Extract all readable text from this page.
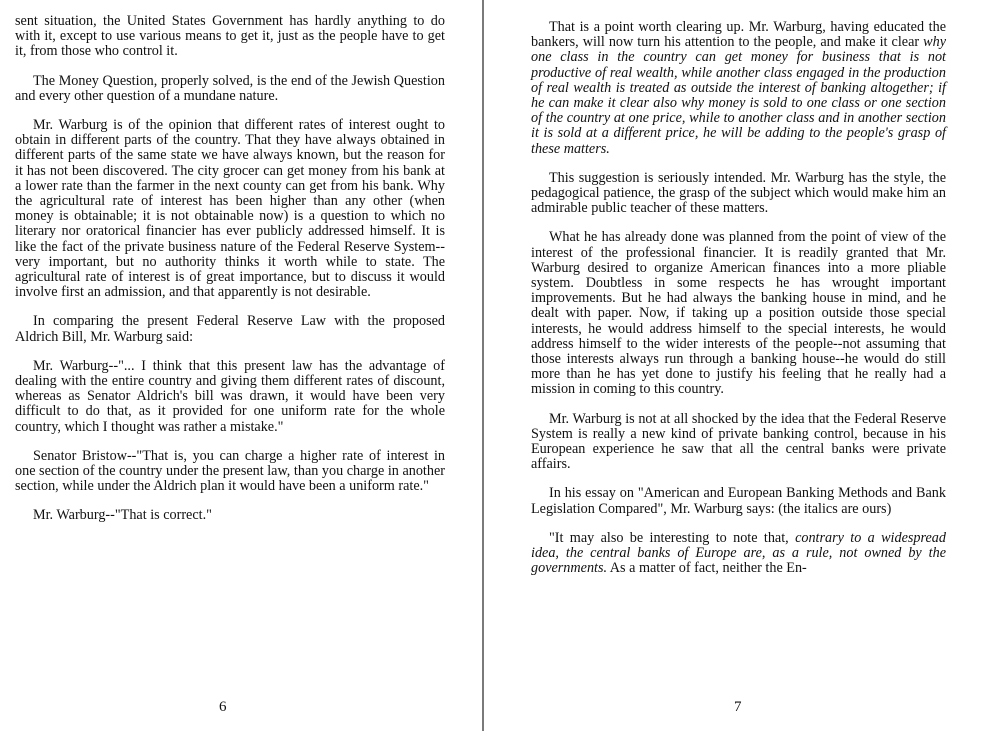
sent situation, the United States Government has hardly anything to do with it, except to use various means to get it, just as the people have to get it, from those who control it.

The Money Question, properly solved, is the end of the Jewish Question and every other question of a mundane nature.

Mr. Warburg is of the opinion that different rates of interest ought to obtain in different parts of the country. That they have always obtained in different parts of the same state we have always known, but the reason for it has not been discovered. The city grocer can get money from his bank at a lower rate than the farmer in the next county can get from his bank. Why the agricultural rate of interest has been higher than any other (when money is obtainable; it is not obtainable now) is a question to which no literary nor oratorical financier has ever publicly addressed himself. It is like the fact of the private business nature of the Federal Reserve System--very important, but no authority thinks it worth while to state. The agricultural rate of interest is of great importance, but to discuss it would involve first an admission, and that apparently is not desirable.

In comparing the present Federal Reserve Law with the proposed Aldrich Bill, Mr. Warburg said:

Mr. Warburg--"... I think that this present law has the advantage of dealing with the entire country and giving them different rates of discount, whereas as Senator Aldrich's bill was drawn, it would have been very difficult to do that, as it provided for one uniform rate for the whole country, which I thought was rather a mistake."

Senator Bristow--"That is, you can charge a higher rate of interest in one section of the country under the present law, than you charge in another section, while under the Aldrich plan it would have been a uniform rate."

Mr. Warburg--"That is correct."

6

That is a point worth clearing up. Mr. Warburg, having educated the bankers, will now turn his attention to the people, and make it clear why one class in the country can get money for business that is not productive of real wealth, while another class engaged in the production of real wealth is treated as outside the interest of banking altogether; if he can make it clear also why money is sold to one class or one section of the country at one price, while to another class and in another section it is sold at a different price, he will be adding to the people's grasp of these matters.

This suggestion is seriously intended. Mr. Warburg has the style, the pedagogical patience, the grasp of the subject which would make him an admirable public teacher of these matters.

What he has already done was planned from the point of view of the interest of the professional financier. It is readily granted that Mr. Warburg desired to organize American finances into a more pliable system. Doubtless in some respects he has wrought important improvements. But he had always the banking house in mind, and he dealt with paper. Now, if taking up a position outside those special interests, he would address himself to the special interests, he would address himself to the wider interests of the people--not assuming that those interests always run through a banking house--he would do still more than he has yet done to justify his feeling that he really had a mission in coming to this country.

Mr. Warburg is not at all shocked by the idea that the Federal Reserve System is really a new kind of private banking control, because in his European experience he saw that all the central banks were private affairs.

In his essay on "American and European Banking Methods and Bank Legislation Compared", Mr. Warburg says: (the italics are ours)

"It may also be interesting to note that, contrary to a widespread idea, the central banks of Europe are, as a rule, not owned by the governments. As a matter of fact, neither the En-

7
